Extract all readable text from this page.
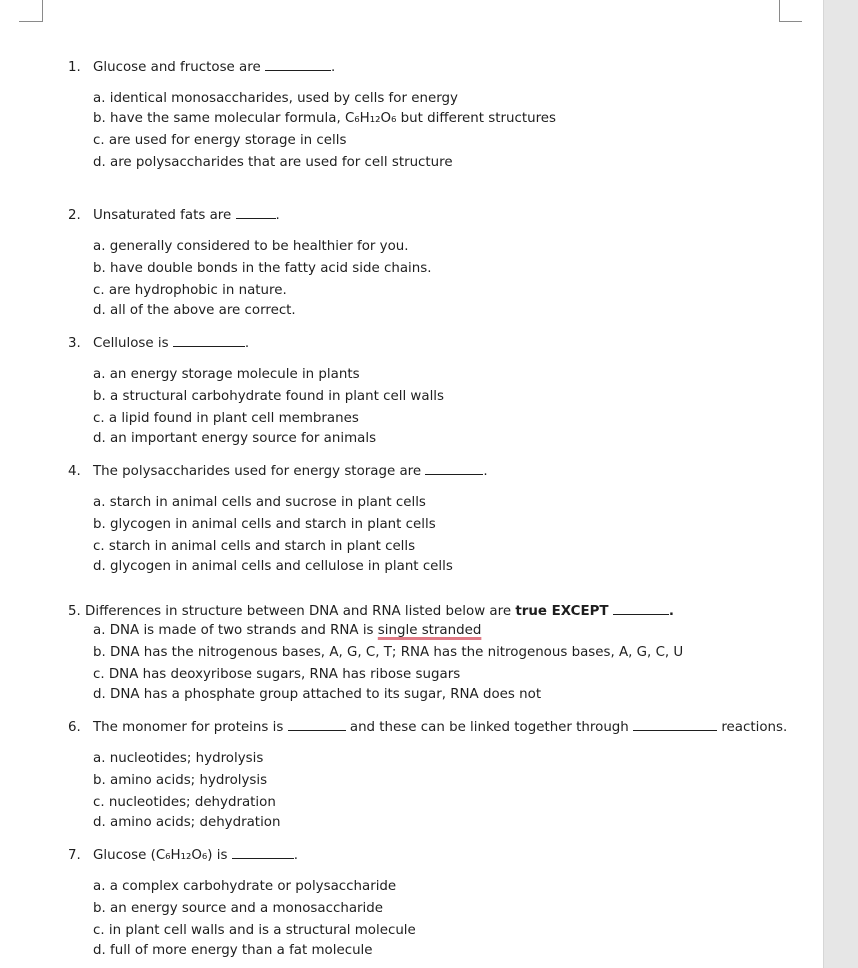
1. Glucose and fructose are	.
a. identical monosaccharides, used by cells for energy
b. have the same molecular formula, C₆H₁₂O₆ but different structures
c. are used for energy storage in cells
d. are polysaccharides that are used for cell structure
2. Unsaturated fats are	.
a. generally considered to be healthier for you.
b. have double bonds in the fatty acid side chains.
c. are hydrophobic in nature.
d. all of the above are correct.
3. Cellulose is	.
a. an energy storage molecule in plants
b. a structural carbohydrate found in plant cell walls
c. a lipid found in plant cell membranes
d. an important energy source for animals
4. The polysaccharides used for energy storage are	.
a. starch in animal cells and sucrose in plant cells
b. glycogen in animal cells and starch in plant cells
c. starch in animal cells and starch in plant cells
d. glycogen in animal cells and cellulose in plant cells
5. Differences in structure between DNA and RNA listed below are true EXCEPT	.
a. DNA is made of two strands and RNA is single stranded
b. DNA has the nitrogenous bases, A, G, C, T; RNA has the nitrogenous bases, A, G, C, U
c. DNA has deoxyribose sugars, RNA has ribose sugars
d. DNA has a phosphate group attached to its sugar, RNA does not
6. The monomer for proteins is	and these can be linked together through	reactions.
a. nucleotides; hydrolysis
b. amino acids; hydrolysis
c. nucleotides; dehydration
d. amino acids; dehydration
7. Glucose (C₆H₁₂O₆) is	.
a. a complex carbohydrate or polysaccharide
b. an energy source and a monosaccharide
c. in plant cell walls and is a structural molecule
d. full of more energy than a fat molecule
